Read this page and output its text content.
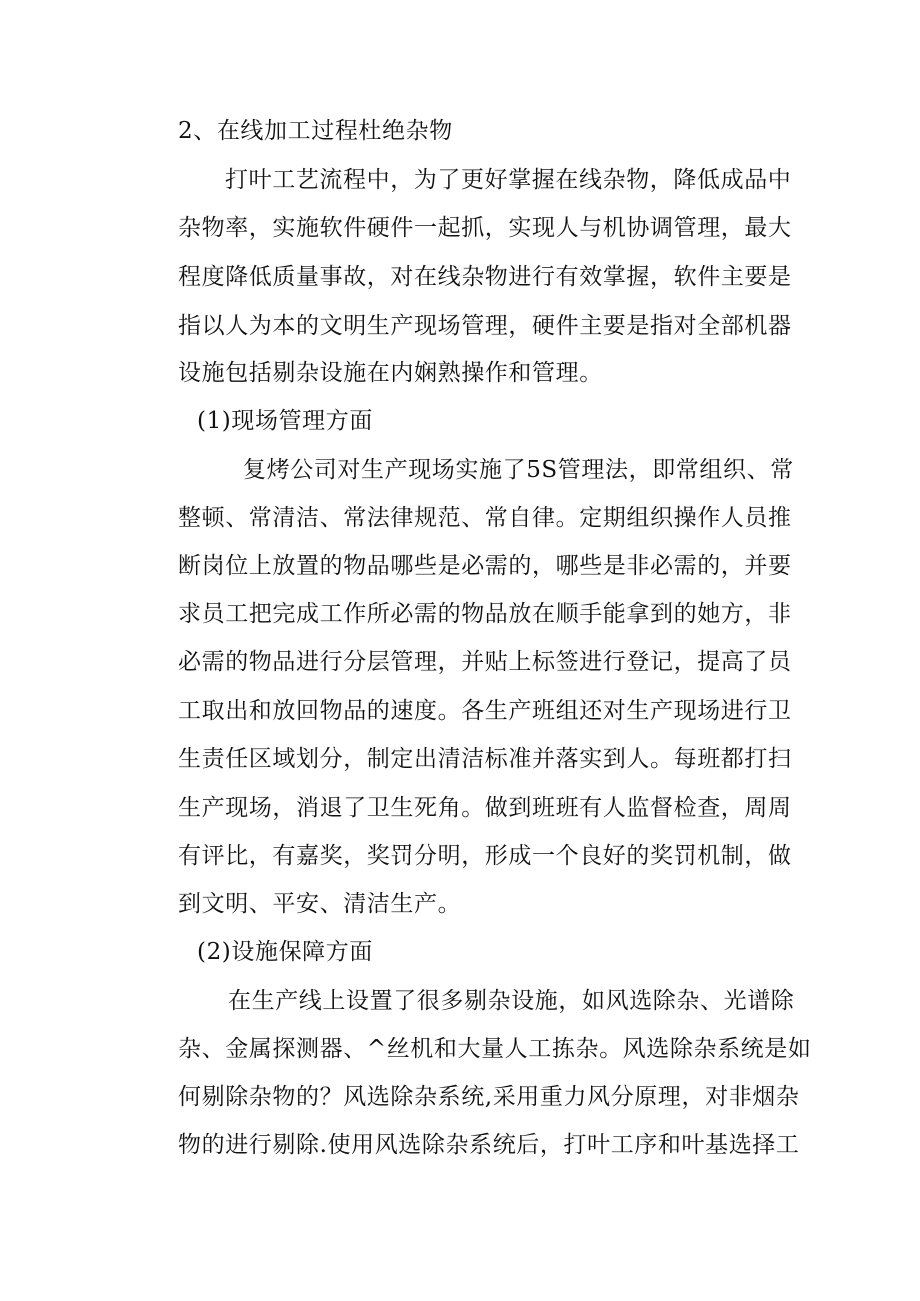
2、在线加工过程杜绝杂物
打叶工艺流程中，为了更好掌握在线杂物，降低成品中
杂物率，实施软件硬件一起抓，实现人与机协调管理，最大
程度降低质量事故，对在线杂物进行有效掌握，软件主要是
指以人为本的文明生产现场管理，硬件主要是指对全部机器
设施包括剔杂设施在内娴熟操作和管理。
(1)现场管理方面
复烤公司对生产现场实施了5S管理法，即常组织、常
整顿、常清洁、常法律规范、常自律。定期组织操作人员推
断岗位上放置的物品哪些是必需的，哪些是非必需的，并要
求员工把完成工作所必需的物品放在顺手能拿到的她方，非
必需的物品进行分层管理，并贴上标签进行登记，提高了员
工取出和放回物品的速度。各生产班组还对生产现场进行卫
生责任区域划分，制定出清洁标准并落实到人。每班都打扫
生产现场，消退了卫生死角。做到班班有人监督检查，周周
有评比，有嘉奖，奖罚分明，形成一个良好的奖罚机制，做
到文明、平安、清洁生产。
(2)设施保障方面
在生产线上设置了很多剔杂设施，如风选除杂、光谱除
杂、金属探测器、^丝机和大量人工拣杂。风选除杂系统是如
何剔除杂物的？风选除杂系统,采用重力风分原理，对非烟杂
物的进行剔除.使用风选除杂系统后，打叶工序和叶基选择工
